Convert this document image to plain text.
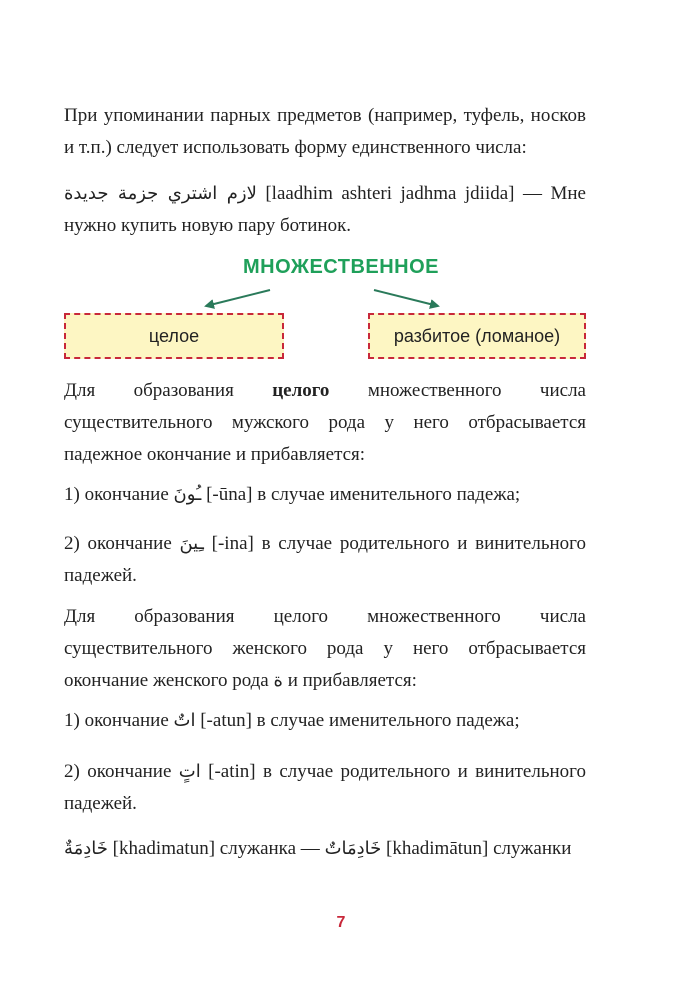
При упоминании парных предметов (например, туфель, носков и т.п.) следует использовать форму единственного числа:

لازم اشتري جزمة جديدة [laadhim ashteri jadhma jdiida] — Мне нужно купить новую пару ботинок.

МНОЖЕСТВЕННОЕ
целое	разбитое (ломаное)

Для образования целого множественного числа существительного мужского рода у него отбрасывается падежное окончание и прибавляется:

1) окончание ـُونَ [-ūna] в случае именительного падежа;

2) окончание ـِينَ [-ina] в случае родительного и винительного падежей.

Для образования целого множественного числа существительного женского рода у него отбрасывается окончание женского рода ة и прибавляется:

1) окончание اتٌ [-atun] в случае именительного падежа;

2) окончание اتٍ [-atin] в случае родительного и винительного падежей.

خَادِمَةٌ [khadimatun] служанка — خَادِمَاتٌ [khadimātun] служанки

7
